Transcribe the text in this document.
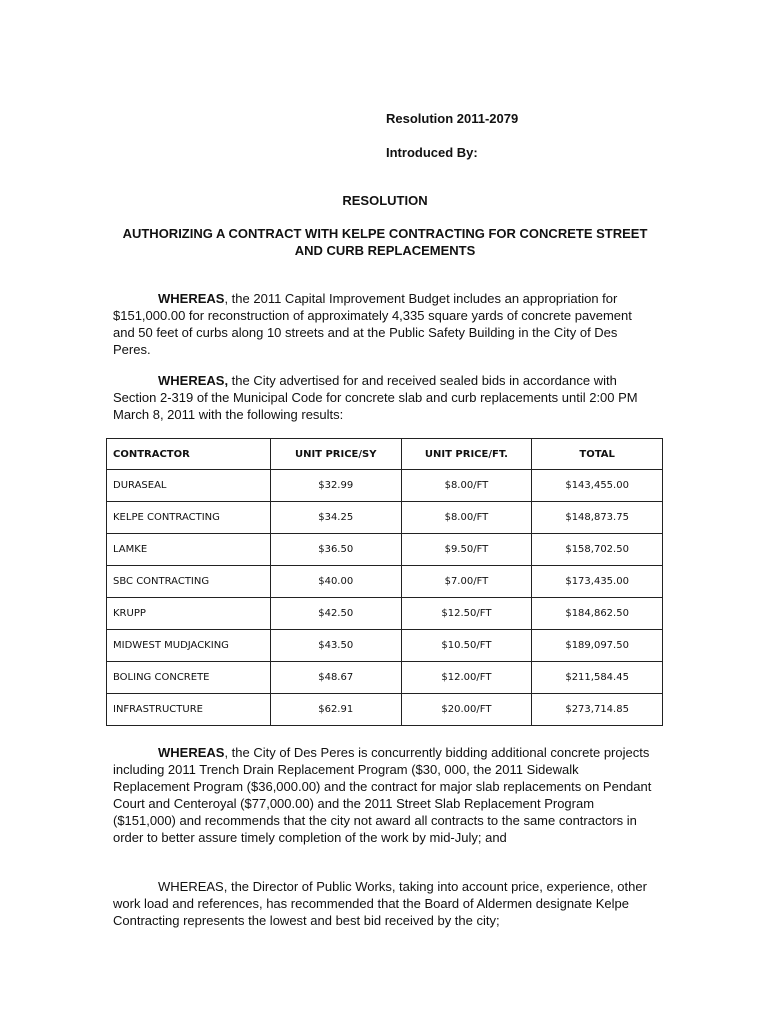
Resolution 2011-2079
Introduced By:
RESOLUTION
AUTHORIZING A CONTRACT WITH KELPE CONTRACTING FOR CONCRETE STREET AND CURB REPLACEMENTS

WHEREAS, the 2011 Capital Improvement Budget includes an appropriation for $151,000.00 for reconstruction of approximately 4,335 square yards of concrete pavement and 50 feet of curbs along 10 streets and at the Public Safety Building in the City of Des Peres.

WHEREAS, the City advertised for and received sealed bids in accordance with Section 2-319 of the Municipal Code for concrete slab and curb replacements until 2:00 PM March 8, 2011 with the following results:

CONTRACTOR	UNIT PRICE/SY	UNIT PRICE/FT.	TOTAL
DURASEAL	$32.99	$8.00/FT	$143,455.00
KELPE CONTRACTING	$34.25	$8.00/FT	$148,873.75
LAMKE	$36.50	$9.50/FT	$158,702.50
SBC CONTRACTING	$40.00	$7.00/FT	$173,435.00
KRUPP	$42.50	$12.50/FT	$184,862.50
MIDWEST MUDJACKING	$43.50	$10.50/FT	$189,097.50
BOLING CONCRETE	$48.67	$12.00/FT	$211,584.45
INFRASTRUCTURE	$62.91	$20.00/FT	$273,714.85

WHEREAS, the City of Des Peres is concurrently bidding additional concrete projects including 2011 Trench Drain Replacement Program ($30, 000, the 2011 Sidewalk Replacement Program ($36,000.00) and the contract for major slab replacements on Pendant Court and Centeroyal ($77,000.00) and the 2011 Street Slab Replacement Program ($151,000) and recommends that the city not award all contracts to the same contractors in order to better assure timely completion of the work by mid-July; and

WHEREAS, the Director of Public Works, taking into account price, experience, other work load and references, has recommended that the Board of Aldermen designate Kelpe Contracting represents the lowest and best bid received by the city;
